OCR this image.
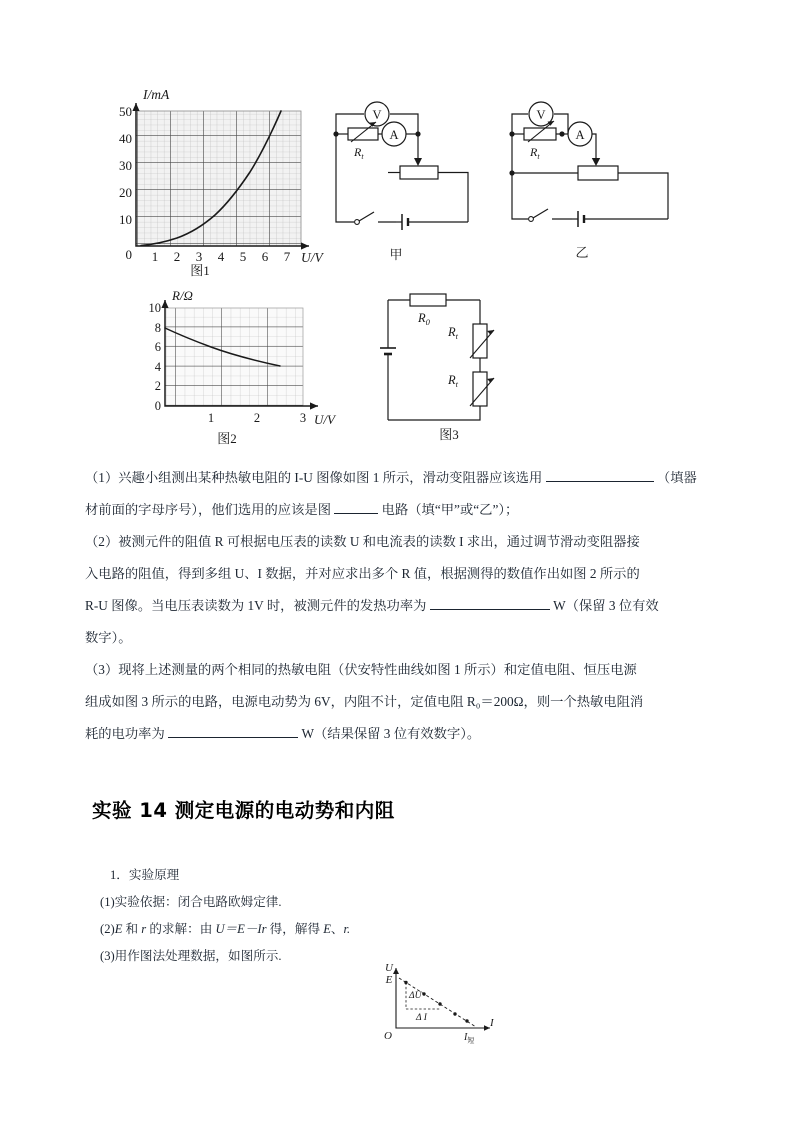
50
40
30
20
10
0 1 2 3 4 5 6 7
I/mA
U/V
图1
V
A
$R_t$
甲
V
A
$R_t$
乙
10
8
6
4
2
0
1	2	3
R/Ω
U/V
图2
$R_0$
$R_t$
$R_t$
图3

（1）兴趣小组测出某种热敏电阻的 I‑U 图像如图 1 所示，滑动变阻器应该选用	（填器

材前面的字母序号），他们选用的应该是图	电路（填“甲”或“乙”）；

（2）被测元件的阻值 R 可根据电压表的读数 U 和电流表的读数 I 求出，通过调节滑动变阻器接

入电路的阻值，得到多组 U、I 数据，并对应求出多个 R 值，根据测得的数值作出如图 2 所示的

R‑U 图像。当电压表读数为 1V 时，被测元件的发热功率为	W（保留 3 位有效

数字）。

（3）现将上述测量的两个相同的热敏电阻（伏安特性曲线如图 1 所示）和定值电阻、恒压电源

组成如图 3 所示的电路，电源电动势为 6V，内阻不计，定值电阻 R₀＝200Ω，则一个热敏电阻消

耗的电功率为	W（结果保留 3 位有效数字）。

实验 14 测定电源的电动势和内阻

1．实验原理

(1)实验依据：闭合电路欧姆定律.

(2)E 和 r 的求解：由 U＝E－Ir 得，解得 E、r.

(3)用作图法处理数据，如图所示.

ΔU
Δ I
U
E
O
I
$I_短$
